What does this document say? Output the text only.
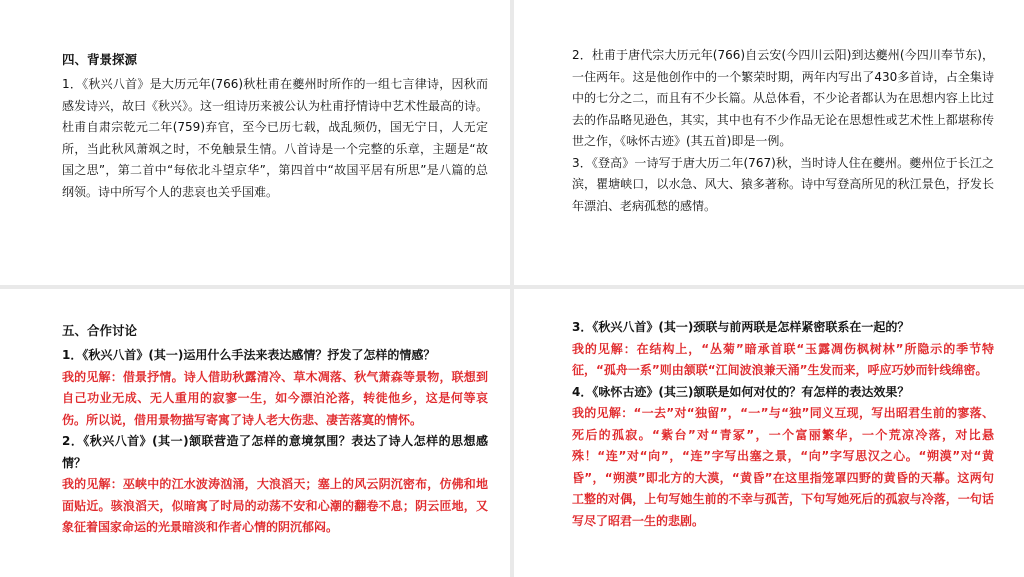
四、背景探源

1．《秋兴八首》是大历元年(766)秋杜甫在夔州时所作的一组七言律诗，因秋而感发诗兴，故曰《秋兴》。这一组诗历来被公认为杜甫抒情诗中艺术性最高的诗。杜甫自肃宗乾元二年(759)弃官，至今已历七载，战乱频仍，国无宁日，人无定所，当此秋风萧飒之时，不免触景生情。八首诗是一个完整的乐章，主题是“故国之思”，第二首中“每依北斗望京华”，第四首中“故国平居有所思”是八篇的总纲领。诗中所写个人的悲哀也关乎国难。

2．杜甫于唐代宗大历元年(766)自云安(今四川云阳)到达夔州(今四川奉节东)，一住两年。这是他创作中的一个繁荣时期，两年内写出了430多首诗，占全集诗中的七分之二，而且有不少长篇。从总体看，不少论者都认为在思想内容上比过去的作品略见逊色，其实，其中也有不少作品无论在思想性或艺术性上都堪称传世之作，《咏怀古迹》(其五首)即是一例。

3．《登高》一诗写于唐大历二年(767)秋，当时诗人住在夔州。夔州位于长江之滨，瞿塘峡口，以水急、风大、猿多著称。诗中写登高所见的秋江景色，抒发长年漂泊、老病孤愁的感情。

五、合作讨论

1．《秋兴八首》(其一)运用什么手法来表达感情？抒发了怎样的情感？

我的见解：借景抒情。诗人借助秋露清冷、草木凋落、秋气萧森等景物，联想到自己功业无成、无人重用的寂寥一生，如今漂泊沦落，转徙他乡，这是何等哀伤。所以说，借用景物描写寄寓了诗人老大伤悲、凄苦落寞的情怀。

2．《秋兴八首》(其一)颔联营造了怎样的意境氛围？表达了诗人怎样的思想感情？

我的见解：巫峡中的江水波涛汹涌，大浪滔天；塞上的风云阴沉密布，仿佛和地面贴近。骇浪滔天，似暗寓了时局的动荡不安和心潮的翻卷不息；阴云匝地，又象征着国家命运的光景暗淡和作者心情的阴沉郁闷。

3．《秋兴八首》(其一)颈联与前两联是怎样紧密联系在一起的？

我的见解：在结构上，“丛菊”暗承首联“玉露凋伤枫树林”所隐示的季节特征，“孤舟一系”则由颔联“江间波浪兼天涌”生发而来，呼应巧妙而针线绵密。

4．《咏怀古迹》(其三)颔联是如何对仗的？有怎样的表达效果？

我的见解：“一去”对“独留”，“一”与“独”同义互现，写出昭君生前的寥落、死后的孤寂。“紫台”对“青冢”，一个富丽繁华，一个荒凉冷落，对比悬殊！“连”对“向”，“连”字写出塞之景，“向”字写思汉之心。“朔漠”对“黄昏”，“朔漠”即北方的大漠，“黄昏”在这里指笼罩四野的黄昏的天幕。这两句工整的对偶，上句写她生前的不幸与孤苦，下句写她死后的孤寂与冷落，一句话写尽了昭君一生的悲剧。
